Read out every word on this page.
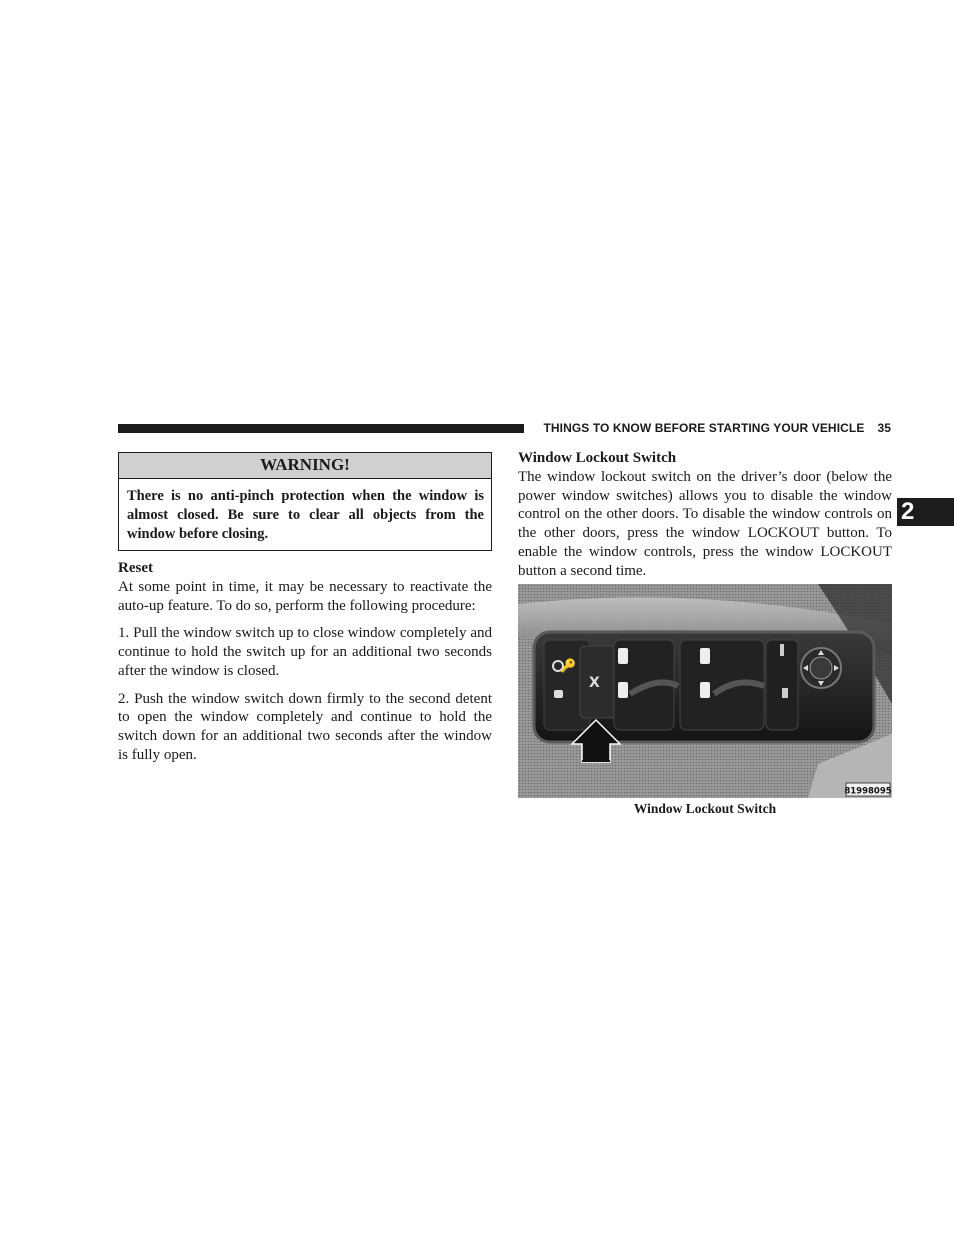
THINGS TO KNOW BEFORE STARTING YOUR VEHICLE 35
2
WARNING!
There is no anti-pinch protection when the window is almost closed. Be sure to clear all objects from the window before closing.

Reset

At some point in time, it may be necessary to reactivate the auto-up feature. To do so, perform the following procedure:

1. Pull the window switch up to close window completely and continue to hold the switch up for an additional two seconds after the window is closed.

2. Push the window switch down firmly to the second detent to open the window completely and continue to hold the switch down for an additional two seconds after the window is fully open.

Window Lockout Switch

The window lockout switch on the driver’s door (below the power window switches) allows you to disable the window control on the other doors. To disable the window controls on the other doors, press the window LOCKOUT button. To enable the window controls, press the window LOCKOUT button a second time.

🔑
X
81998095
Window Lockout Switch
